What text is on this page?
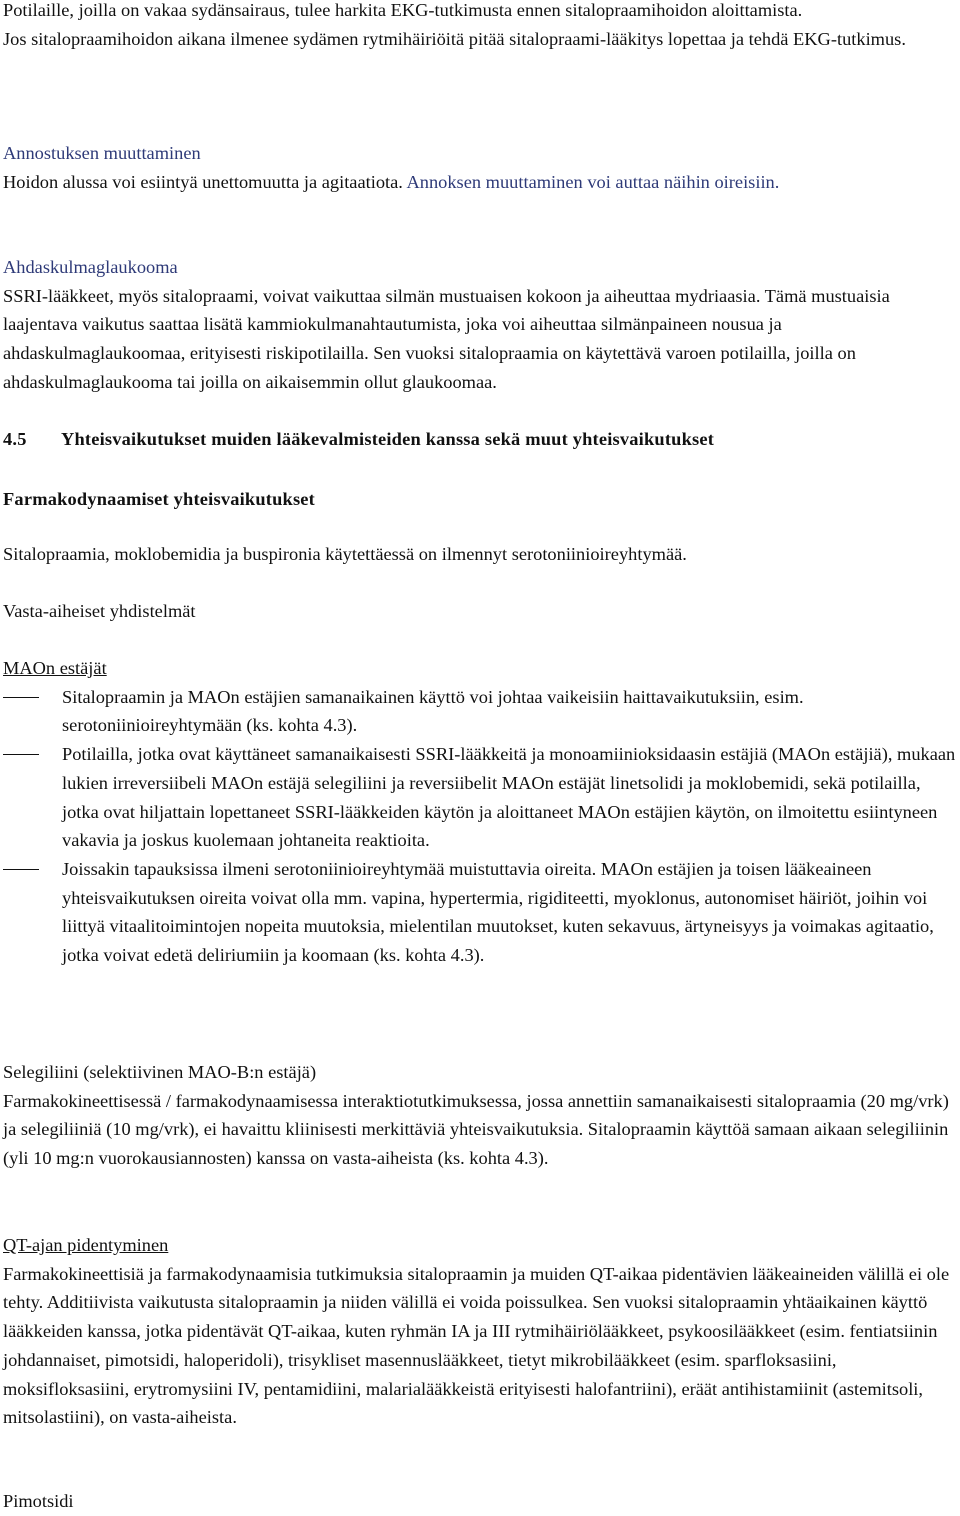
Potilaille, joilla on vakaa sydänsairaus, tulee harkita EKG-tutkimusta ennen sitalopraamihoidon aloittamista.

Jos sitalopraamihoidon aikana ilmenee sydämen rytmihäiriöitä pitää sitalopraami-lääkitys lopettaa ja tehdä EKG-tutkimus.

Annostuksen muuttaminen

Hoidon alussa voi esiintyä unettomuutta ja agitaatiota. Annoksen muuttaminen voi auttaa näihin oireisiin.

Ahdaskulmaglaukooma

SSRI-lääkkeet, myös sitalopraami, voivat vaikuttaa silmän mustuaisen kokoon ja aiheuttaa mydriaasia. Tämä mustuaisia laajentava vaikutus saattaa lisätä kammiokulmanahtautumista, joka voi aiheuttaa silmänpaineen nousua ja ahdaskulmaglaukoomaa, erityisesti riskipotilailla. Sen vuoksi sitalopraamia on käytettävä varoen potilailla, joilla on ahdaskulmaglaukooma tai joilla on aikaisemmin ollut glaukoomaa.

4.5 Yhteisvaikutukset muiden lääkevalmisteiden kanssa sekä muut yhteisvaikutukset
Farmakodynaamiset yhteisvaikutukset
Sitalopraamia, moklobemidia ja buspironia käytettäessä on ilmennyt serotoniinioireyhtymää.
Vasta-aiheiset yhdistelmät

MAOn estäjät

Sitalopraamin ja MAOn estäjien samanaikainen käyttö voi johtaa vaikeisiin haittavaikutuksiin, esim. serotoniinioireyhtymään (ks. kohta 4.3).
Potilailla, jotka ovat käyttäneet samanaikaisesti SSRI-lääkkeitä ja monoamiinioksidaasin estäjiä (MAOn estäjiä), mukaan lukien irreversiibeli MAOn estäjä selegiliini ja reversiibelit MAOn estäjät linetsolidi ja moklobemidi, sekä potilailla, jotka ovat hiljattain lopettaneet SSRI-lääkkeiden käytön ja aloittaneet MAOn estäjien käytön, on ilmoitettu esiintyneen vakavia ja joskus kuolemaan johtaneita reaktioita.
Joissakin tapauksissa ilmeni serotoniinioireyhtymää muistuttavia oireita. MAOn estäjien ja toisen lääkeaineen yhteisvaikutuksen oireita voivat olla mm. vapina, hypertermia, rigiditeetti, myoklonus, autonomiset häiriöt, joihin voi liittyä vitaalitoimintojen nopeita muutoksia, mielentilan muutokset, kuten sekavuus, ärtyneisyys ja voimakas agitaatio, jotka voivat edetä deliriumiin ja koomaan (ks. kohta 4.3).

Selegiliini (selektiivinen MAO-B:n estäjä)

Farmakokineettisessä / farmakodynaamisessa interaktiotutkimuksessa, jossa annettiin samanaikaisesti sitalopraamia (20 mg/vrk) ja selegiliiniä (10 mg/vrk), ei havaittu kliinisesti merkittäviä yhteisvaikutuksia. Sitalopraamin käyttöä samaan aikaan selegiliinin (yli 10 mg:n vuorokausiannosten) kanssa on vasta-aiheista (ks. kohta 4.3).

QT-ajan pidentyminen

Farmakokineettisiä ja farmakodynaamisia tutkimuksia sitalopraamin ja muiden QT-aikaa pidentävien lääkeaineiden välillä ei ole tehty. Additiivista vaikutusta sitalopraamin ja niiden välillä ei voida poissulkea. Sen vuoksi sitalopraamin yhtäaikainen käyttö lääkkeiden kanssa, jotka pidentävät QT-aikaa, kuten ryhmän IA ja III rytmihäiriölääkkeet, psykoosilääkkeet (esim. fentiatsiinin johdannaiset, pimotsidi, haloperidoli), trisykliset masennuslääkkeet, tietyt mikrobilääkkeet (esim. sparfloksasiini, moksifloksasiini, erytromysiini IV, pentamidiini, malarialääkkeistä erityisesti halofantriini), eräät antihistamiinit (astemitsoli, mitsolastiini), on vasta-aiheista.

Pimotsidi
